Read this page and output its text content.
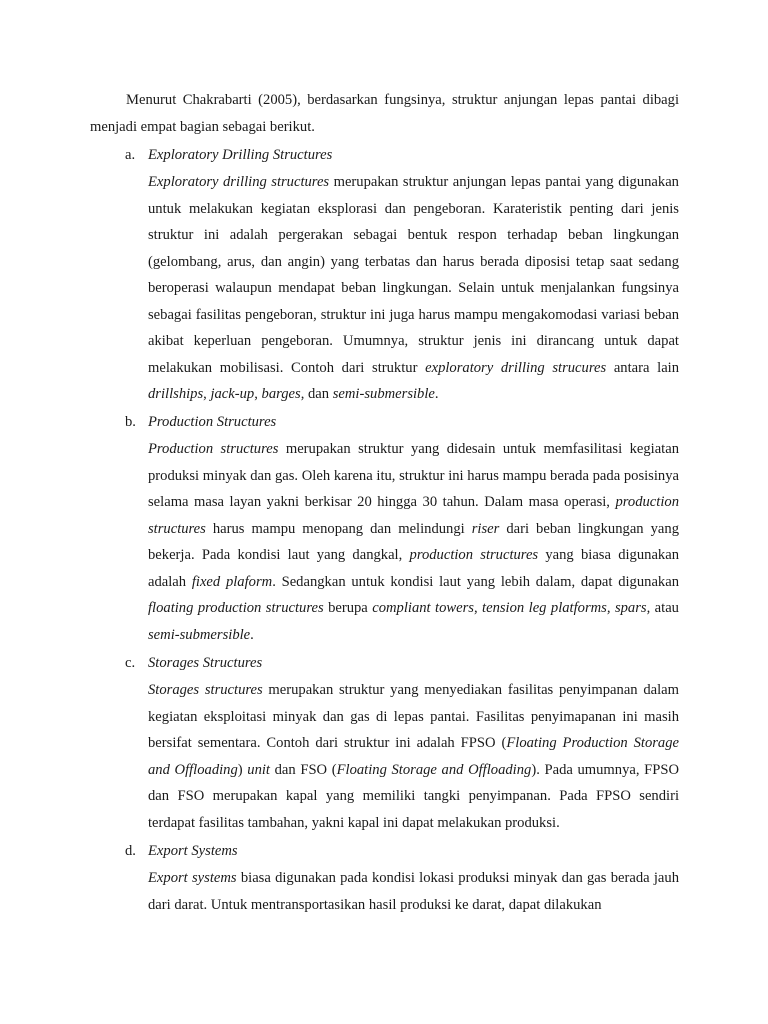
Menurut Chakrabarti (2005), berdasarkan fungsinya, struktur anjungan lepas pantai dibagi menjadi empat bagian sebagai berikut.

a. Exploratory Drilling Structures

Exploratory drilling structures merupakan struktur anjungan lepas pantai yang digunakan untuk melakukan kegiatan eksplorasi dan pengeboran. Karateristik penting dari jenis struktur ini adalah pergerakan sebagai bentuk respon terhadap beban lingkungan (gelombang, arus, dan angin) yang terbatas dan harus berada diposisi tetap saat sedang beroperasi walaupun mendapat beban lingkungan. Selain untuk menjalankan fungsinya sebagai fasilitas pengeboran, struktur ini juga harus mampu mengakomodasi variasi beban akibat keperluan pengeboran. Umumnya, struktur jenis ini dirancang untuk dapat melakukan mobilisasi. Contoh dari struktur exploratory drilling strucures antara lain drillships, jack-up, barges, dan semi-submersible.

b. Production Structures

Production structures merupakan struktur yang didesain untuk memfasilitasi kegiatan produksi minyak dan gas. Oleh karena itu, struktur ini harus mampu berada pada posisinya selama masa layan yakni berkisar 20 hingga 30 tahun. Dalam masa operasi, production structures harus mampu menopang dan melindungi riser dari beban lingkungan yang bekerja. Pada kondisi laut yang dangkal, production structures yang biasa digunakan adalah fixed plaform. Sedangkan untuk kondisi laut yang lebih dalam, dapat digunakan floating production structures berupa compliant towers, tension leg platforms, spars, atau semi-submersible.

c. Storages Structures

Storages structures merupakan struktur yang menyediakan fasilitas penyimpanan dalam kegiatan eksploitasi minyak dan gas di lepas pantai. Fasilitas penyimapanan ini masih bersifat sementara. Contoh dari struktur ini adalah FPSO (Floating Production Storage and Offloading) unit dan FSO (Floating Storage and Offloading). Pada umumnya, FPSO dan FSO merupakan kapal yang memiliki tangki penyimpanan. Pada FPSO sendiri terdapat fasilitas tambahan, yakni kapal ini dapat melakukan produksi.

d. Export Systems

Export systems biasa digunakan pada kondisi lokasi produksi minyak dan gas berada jauh dari darat. Untuk mentransportasikan hasil produksi ke darat, dapat dilakukan
